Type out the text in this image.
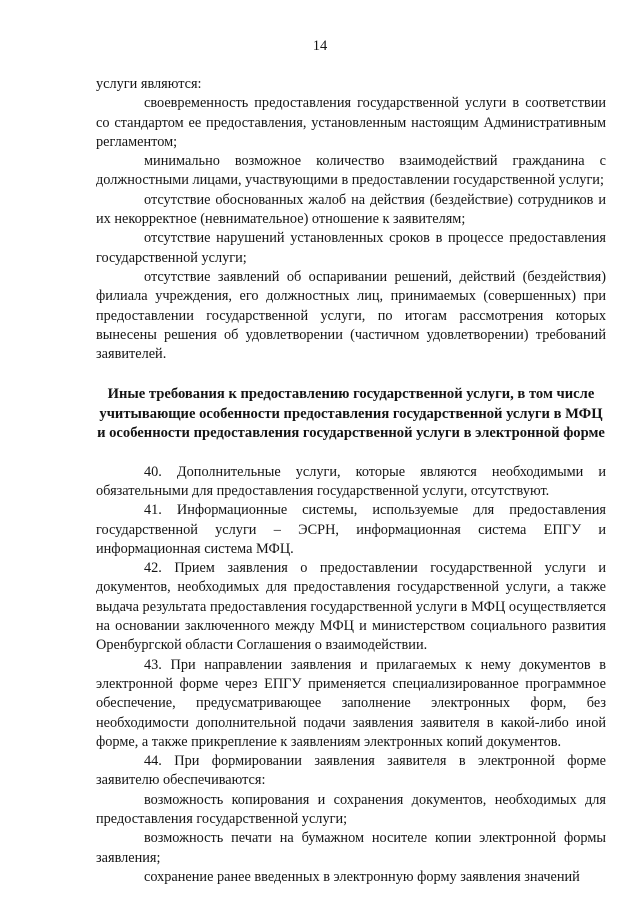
14

услуги являются:

своевременность предоставления государственной услуги в соответствии со стандартом ее предоставления, установленным настоящим Административным регламентом;

минимально возможное количество взаимодействий гражданина с должностными лицами, участвующими в предоставлении государственной услуги;

отсутствие обоснованных жалоб на действия (бездействие) сотрудников и их некорректное (невнимательное) отношение к заявителям;

отсутствие нарушений установленных сроков в процессе предоставления государственной услуги;

отсутствие заявлений об оспаривании решений, действий (бездействия) филиала учреждения, его должностных лиц, принимаемых (совершенных) при предоставлении государственной услуги, по итогам рассмотрения которых вынесены решения об удовлетворении (частичном удовлетворении) требований заявителей.

Иные требования к предоставлению государственной услуги, в том числе учитывающие особенности предоставления государственной услуги в МФЦ и особенности предоставления государственной услуги в электронной форме

40. Дополнительные услуги, которые являются необходимыми и обязательными для предоставления государственной услуги, отсутствуют.

41. Информационные системы, используемые для предоставления государственной услуги – ЭСРН, информационная система ЕПГУ и информационная система МФЦ.

42. Прием заявления о предоставлении государственной услуги и документов, необходимых для предоставления государственной услуги, а также выдача результата предоставления государственной услуги в МФЦ осуществляется на основании заключенного между МФЦ и министерством социального развития Оренбургской области Соглашения о взаимодействии.

43. При направлении заявления и прилагаемых к нему документов в электронной форме через ЕПГУ применяется специализированное программное обеспечение, предусматривающее заполнение электронных форм, без необходимости дополнительной подачи заявления заявителя в какой-либо иной форме, а также прикрепление к заявлениям электронных копий документов.

44. При формировании заявления заявителя в электронной форме заявителю обеспечиваются:

возможность копирования и сохранения документов, необходимых для предоставления государственной услуги;

возможность печати на бумажном носителе копии электронной формы заявления;

сохранение ранее введенных в электронную форму заявления значений
